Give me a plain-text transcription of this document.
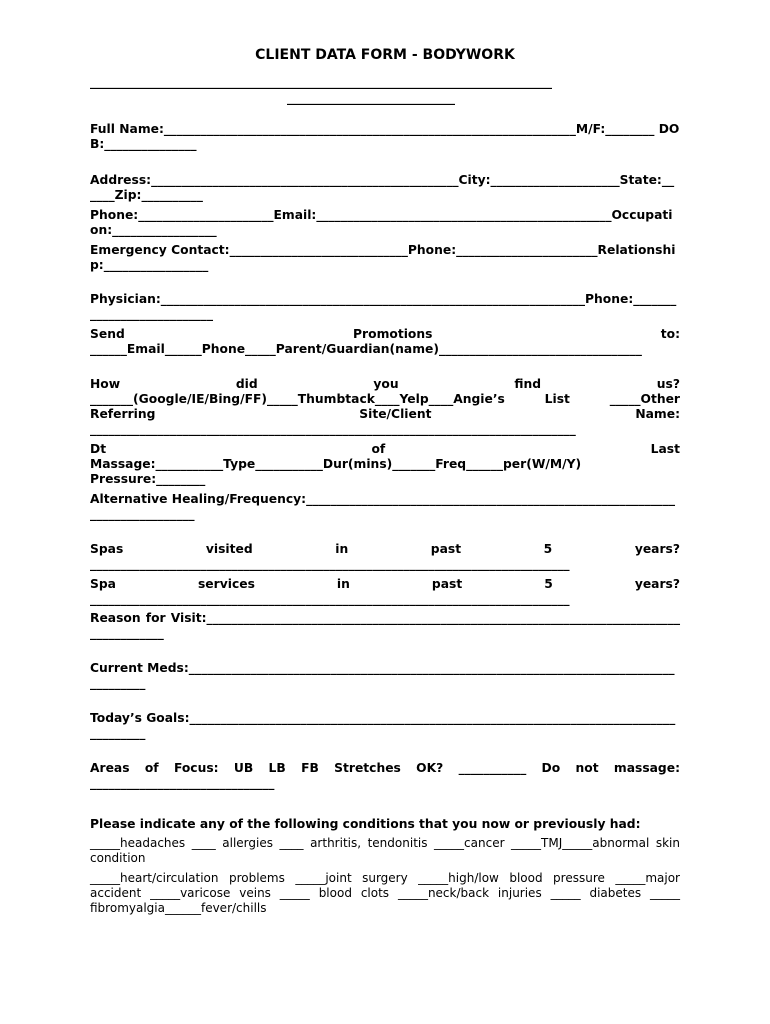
CLIENT DATA FORM - BODYWORK
_____________________________________________________________________________
____________________________
Full Name:___________________________________________________________________M/F:________ DOB:_______________
Address:__________________________________________________City:_____________________State:______Zip:__________
Phone:______________________Email:________________________________________________Occupation:_________________
Emergency Contact:_____________________________Phone:_______________________Relationship:_________________
Physician:_____________________________________________________________________Phone:___________________________
Send Promotions to:
______Email______Phone_____Parent/Guardian(name)_________________________________
How did you find us?
_______(Google/IE/Bing/FF)_____Thumbtack____Yelp____Angie’s List _____Other
Referring Site/Client Name:
_______________________________________________________________________________
Dt of Last
Massage:___________Type___________Dur(mins)_______Freq______per(W/M/Y)
Pressure:________
Alternative Healing/Frequency:_____________________________________________________________________________
Spas visited in past 5 years?
______________________________________________________________________________
Spa services in past 5 years?
______________________________________________________________________________
Reason for Visit:_________________________________________________________________________________________
Current Meds:________________________________________________________________________________________
Today’s Goals:________________________________________________________________________________________
Areas of Focus: UB LB FB Stretches OK? ___________ Do not massage: ______________________________
Please indicate any of the following conditions that you now or previously had:
_____headaches ____ allergies ____ arthritis, tendonitis _____cancer _____TMJ_____abnormal skin condition
_____heart/circulation problems _____joint surgery _____high/low blood pressure _____major accident _____varicose veins _____ blood clots _____neck/back injuries _____ diabetes _____ fibromyalgia______fever/chills
